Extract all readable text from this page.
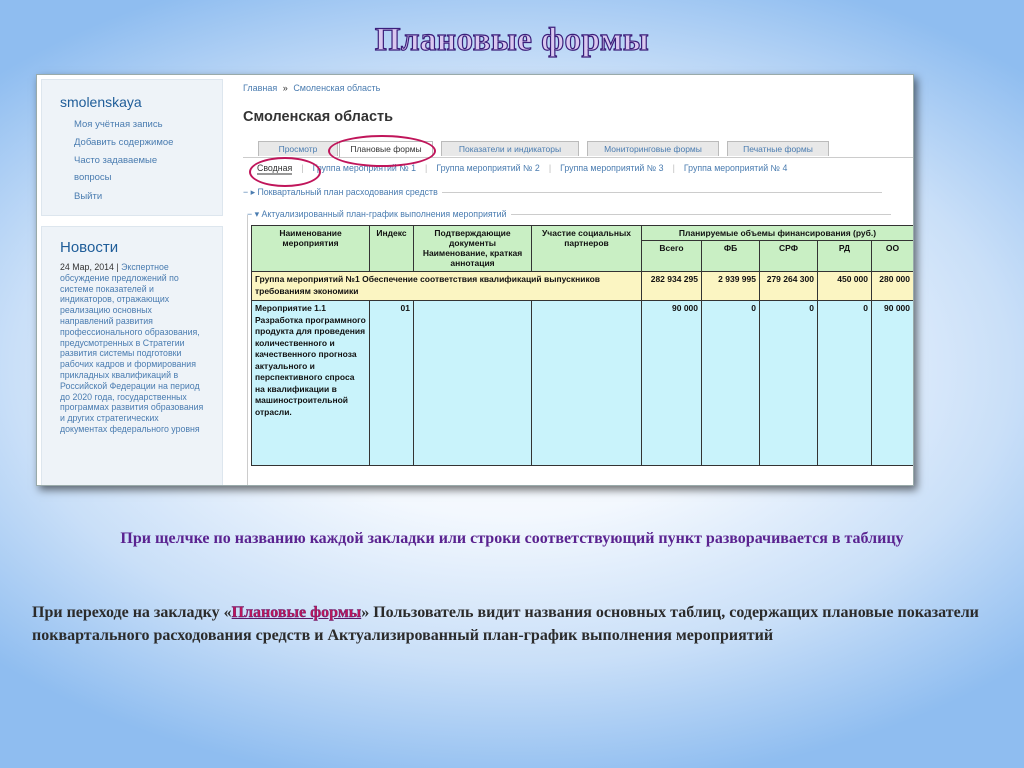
Плановые формы
smolenskaya
Моя учётная запись
Добавить содержимое
Часто задаваемые вопросы
Выйти
Новости
24 Мар, 2014 | Экспертное обсуждение предложений по системе показателей и индикаторов, отражающих реализацию основных направлений развития профессионального образования, предусмотренных в Стратегии развития системы подготовки рабочих кадров и формирования прикладных квалификаций в Российской Федерации на период до 2020 года, государственных программах развития образования и других стратегических документах федерального уровня
Главная » Смоленская область
Смоленская область
Просмотр	Плановые формы	Показатели и индикаторы	Мониторинговые формы	Печатные формы
Сводная | Группа мероприятий № 1 | Группа мероприятий № 2 | Группа мероприятий № 3 | Группа мероприятий № 4
− ▸ Поквартальный план расходования средств
− ▾ Актуализированный план-график выполнения мероприятий
Наименование мероприятия	Индекс	Подтверждающие документы Наименование, краткая аннотация	Участие социальных партнеров	Планируемые объемы финансирования (руб.)				
				Всего	ФБ	СРФ	РД	ОО
Группа мероприятий №1 Обеспечение соответствия квалификаций выпускников требованиям экономики				282 934 295	2 939 995	279 264 300	450 000	280 000
Мероприятие 1.1 Разработка программного продукта для проведения количественного и качественного прогноза актуального и перспективного спроса на квалификации в машиностроительной отрасли.	01			90 000	0	0	0	90 000
При щелчке по названию каждой закладки или строки соответствующий пункт разворачивается в таблицу
При переходе на закладку «Плановые формы» Пользователь видит названия основных таблиц, содержащих плановые показатели поквартального расходования средств и Актуализированный план-график выполнения мероприятий
